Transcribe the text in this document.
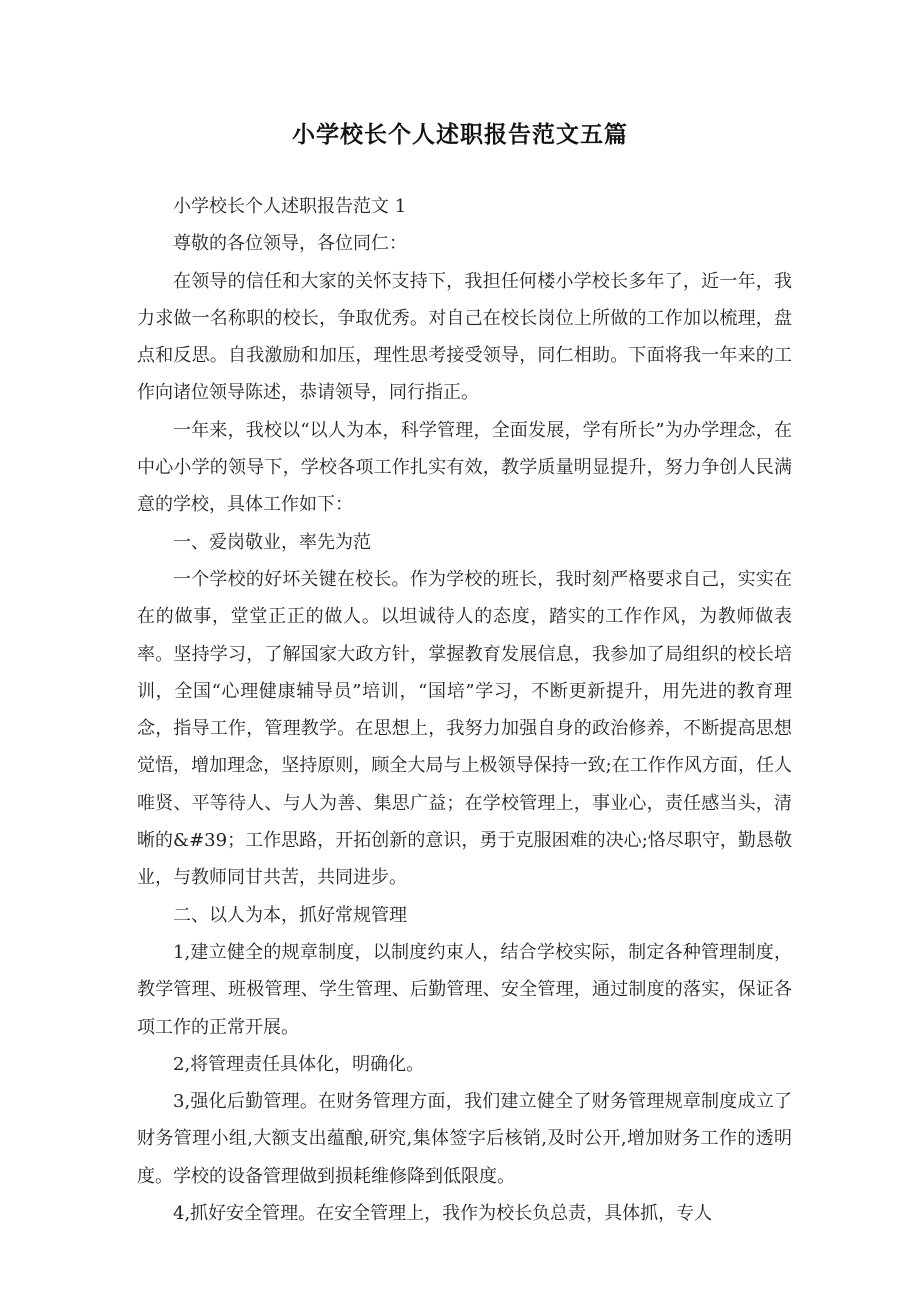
小学校长个人述职报告范文五篇

小学校长个人述职报告范文 1

尊敬的各位领导，各位同仁：

在领导的信任和大家的关怀支持下，我担任何楼小学校长多年了，近一年，我力求做一名称职的校长，争取优秀。对自己在校长岗位上所做的工作加以梳理，盘点和反思。自我激励和加压，理性思考接受领导，同仁相助。下面将我一年来的工作向诸位领导陈述，恭请领导，同行指正。

一年来，我校以“以人为本，科学管理，全面发展，学有所长”为办学理念，在中心小学的领导下，学校各项工作扎实有效，教学质量明显提升，努力争创人民满意的学校，具体工作如下：

一、爱岗敬业，率先为范

一个学校的好坏关键在校长。作为学校的班长，我时刻严格要求自己，实实在在的做事，堂堂正正的做人。以坦诚待人的态度，踏实的工作作风，为教师做表率。坚持学习，了解国家大政方针，掌握教育发展信息，我参加了局组织的校长培训，全国“心理健康辅导员”培训，“国培”学习，不断更新提升，用先进的教育理念，指导工作，管理教学。在思想上，我努力加强自身的政治修养，不断提高思想觉悟，增加理念，坚持原则，顾全大局与上极领导保持一致;在工作作风方面，任人唯贤、平等待人、与人为善、集思广益；在学校管理上，事业心，责任感当头，清晰的&#39；工作思路，开拓创新的意识，勇于克服困难的决心;恪尽职守，勤恳敬业，与教师同甘共苦，共同进步。

二、以人为本，抓好常规管理

1,建立健全的规章制度，以制度约束人，结合学校实际，制定各种管理制度，教学管理、班极管理、学生管理、后勤管理、安全管理，通过制度的落实，保证各项工作的正常开展。

2,将管理责任具体化，明确化。

3,强化后勤管理。在财务管理方面，我们建立健全了财务管理规章制度成立了财务管理小组,大额支出蕴酿,研究,集体签字后核销,及时公开,增加财务工作的透明度。学校的设备管理做到损耗维修降到低限度。

4,抓好安全管理。在安全管理上，我作为校长负总责，具体抓，专人
